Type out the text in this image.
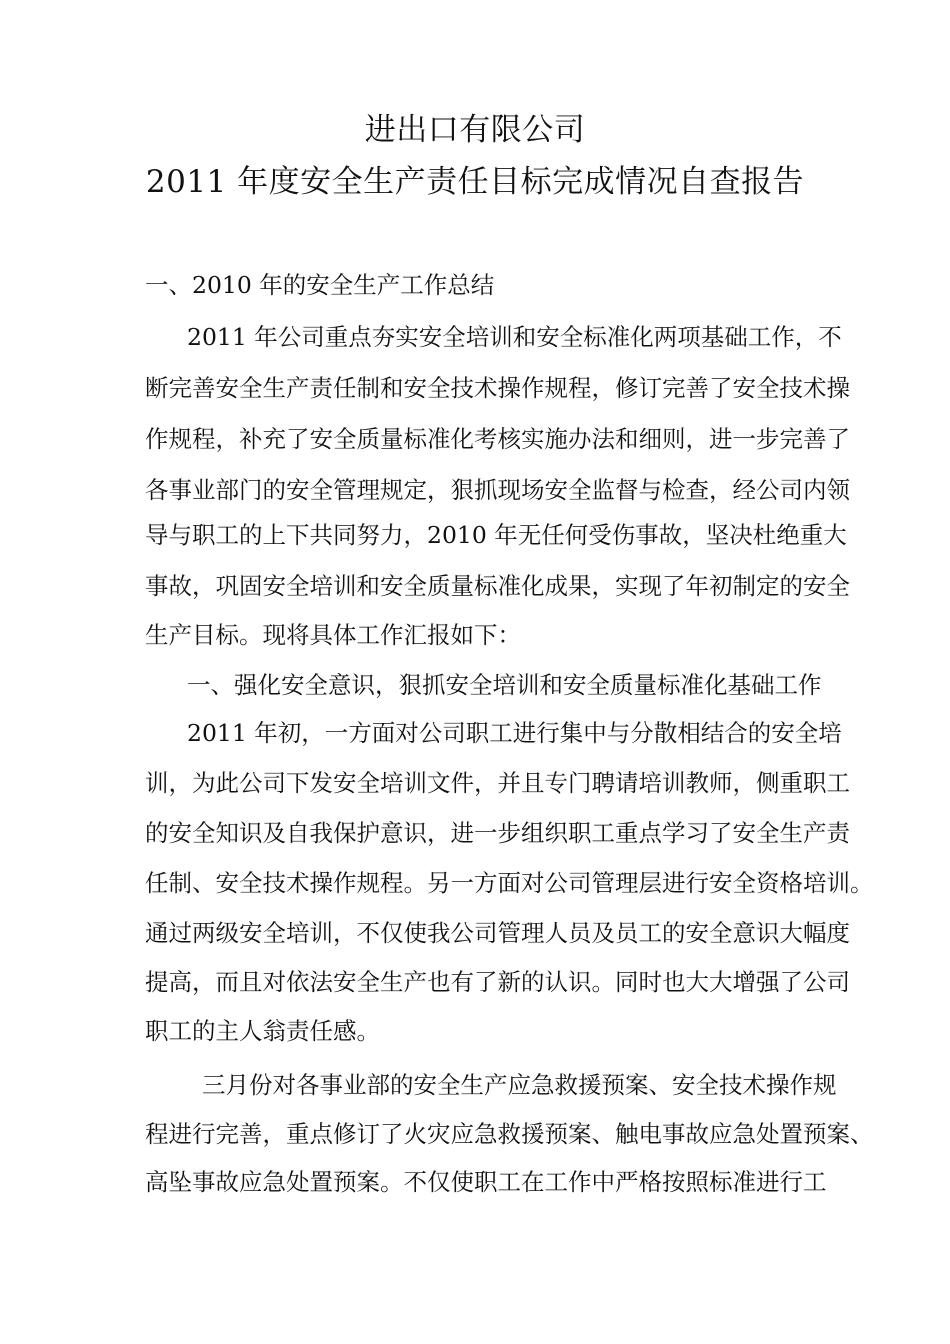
进出口有限公司
2011 年度安全生产责任目标完成情况自查报告
一、2010 年的安全生产工作总结
2011 年公司重点夯实安全培训和安全标准化两项基础工作，不
断完善安全生产责任制和安全技术操作规程，修订完善了安全技术操
作规程，补充了安全质量标准化考核实施办法和细则，进一步完善了
各事业部门的安全管理规定，狠抓现场安全监督与检查，经公司内领
导与职工的上下共同努力，2010 年无任何受伤事故，坚决杜绝重大
事故，巩固安全培训和安全质量标准化成果，实现了年初制定的安全
生产目标。现将具体工作汇报如下：
一、强化安全意识，狠抓安全培训和安全质量标准化基础工作
2011 年初，一方面对公司职工进行集中与分散相结合的安全培
训，为此公司下发安全培训文件，并且专门聘请培训教师，侧重职工
的安全知识及自我保护意识，进一步组织职工重点学习了安全生产责
任制、安全技术操作规程。另一方面对公司管理层进行安全资格培训。
通过两级安全培训，不仅使我公司管理人员及员工的安全意识大幅度
提高，而且对依法安全生产也有了新的认识。同时也大大增强了公司
职工的主人翁责任感。
三月份对各事业部的安全生产应急救援预案、安全技术操作规
程进行完善，重点修订了火灾应急救援预案、触电事故应急处置预案、
高坠事故应急处置预案。不仅使职工在工作中严格按照标准进行工
